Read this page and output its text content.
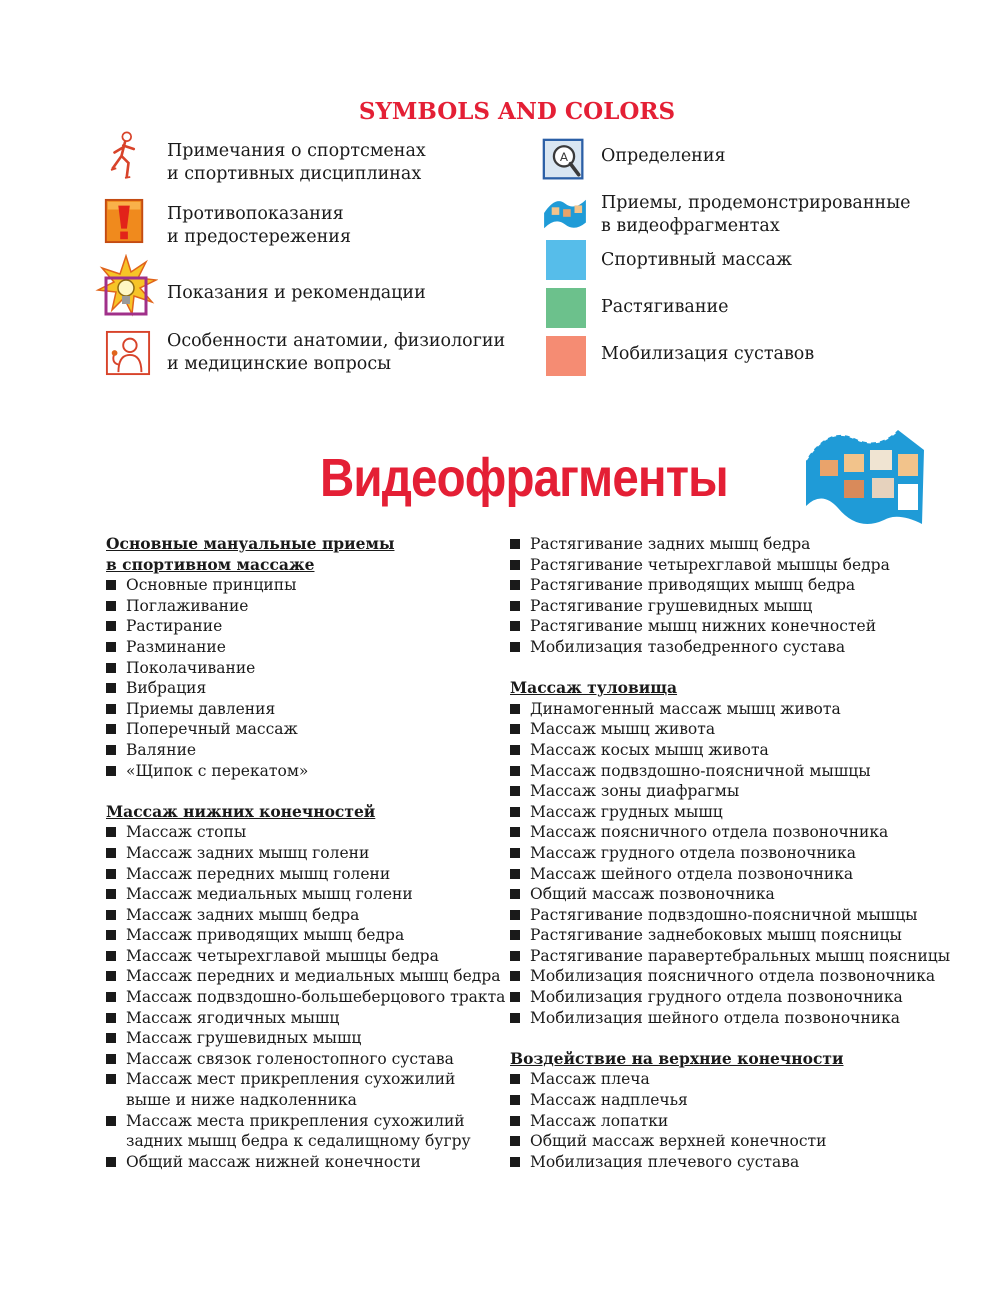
SYMBOLS AND COLORS
Примечания о спортсменах
и спортивных дисциплинах
Противопоказания
и предостережения
Показания и рекомендации
Особенности анатомии, физиологии
и медицинские вопросы
A Определения
Приемы, продемонстрированные
в видеофрагментах
Спортивный массаж
Растягивание
Мобилизация суставов
Видеофрагменты
Основные мануальные приемы
в спортивном массаже
Основные принципы
Поглаживание
Растирание
Разминание
Поколачивание
Вибрация
Приемы давления
Поперечный массаж
Валяние
«Щипок с перекатом»
Массаж нижних конечностей
Массаж стопы
Массаж задних мышц голени
Массаж передних мышц голени
Массаж медиальных мышц голени
Массаж задних мышц бедра
Массаж приводящих мышц бедра
Массаж четырехглавой мышцы бедра
Массаж передних и медиальных мышц бедра
Массаж подвздошно-большеберцового тракта
Массаж ягодичных мышц
Массаж грушевидных мышц
Массаж связок голеностопного сустава
Массаж мест прикрепления сухожилий
выше и ниже надколенника
Массаж места прикрепления сухожилий
задних мышц бедра к седалищному бугру
Общий массаж нижней конечности
Растягивание задних мышц бедра
Растягивание четырехглавой мышцы бедра
Растягивание приводящих мышц бедра
Растягивание грушевидных мышц
Растягивание мышц нижних конечностей
Мобилизация тазобедренного сустава
Массаж туловища
Динамогенный массаж мышц живота
Массаж мышц живота
Массаж косых мышц живота
Массаж подвздошно-поясничной мышцы
Массаж зоны диафрагмы
Массаж грудных мышц
Массаж поясничного отдела позвоночника
Массаж грудного отдела позвоночника
Массаж шейного отдела позвоночника
Общий массаж позвоночника
Растягивание подвздошно-поясничной мышцы
Растягивание заднебоковых мышц поясницы
Растягивание паравертебральных мышц поясницы
Мобилизация поясничного отдела позвоночника
Мобилизация грудного отдела позвоночника
Мобилизация шейного отдела позвоночника
Воздействие на верхние конечности
Массаж плеча
Массаж надплечья
Массаж лопатки
Общий массаж верхней конечности
Мобилизация плечевого сустава
